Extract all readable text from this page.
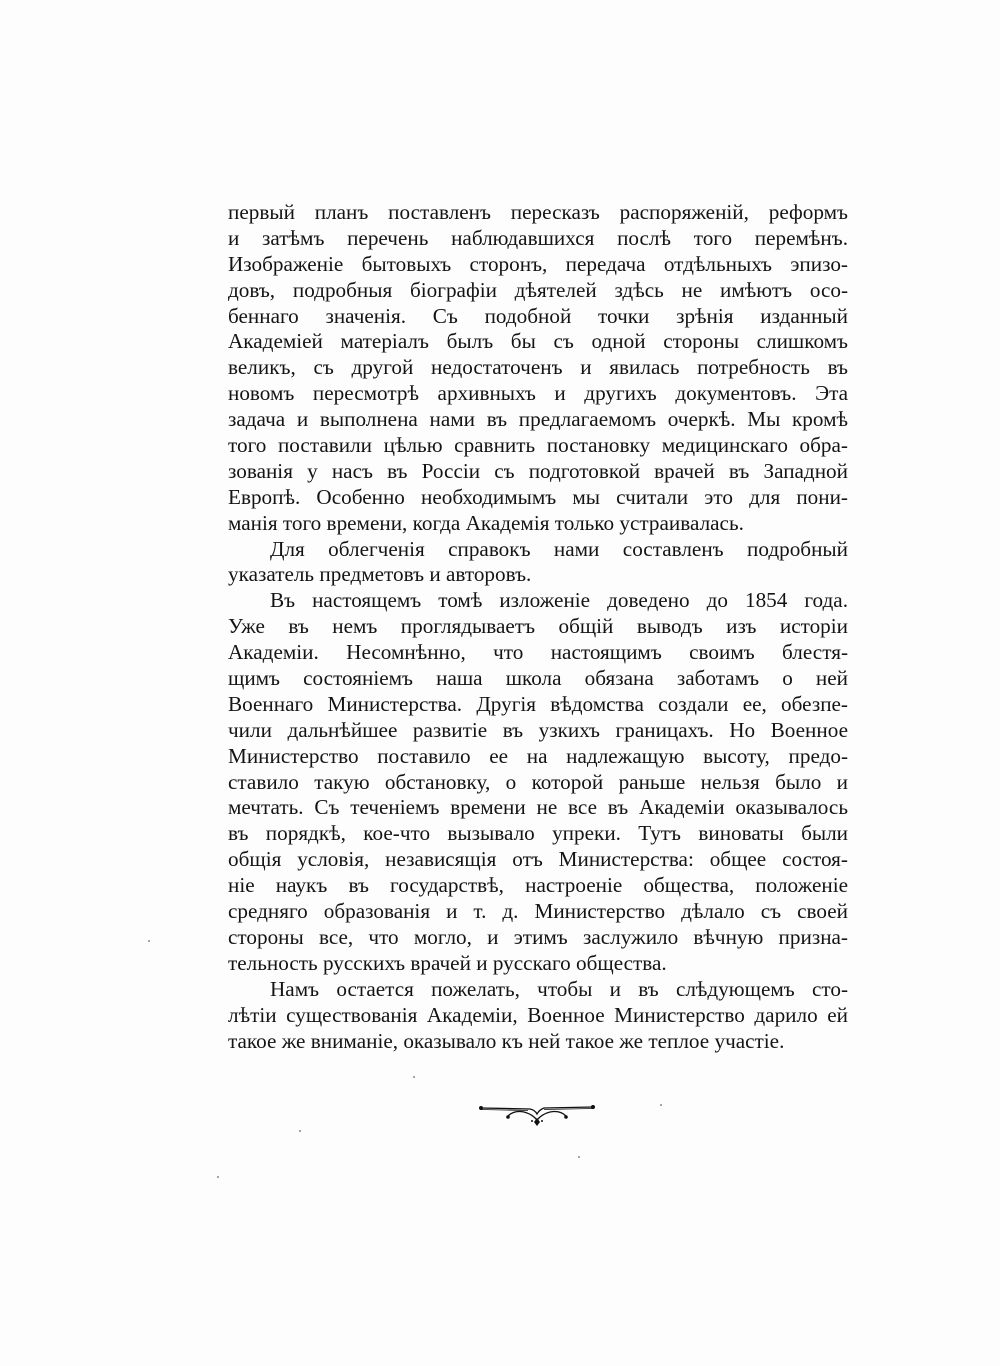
первый планъ поставленъ пересказъ распоряженій, реформъ
и затѣмъ перечень наблюдавшихся послѣ того перемѣнъ.
Изображеніе бытовыхъ сторонъ, передача отдѣльныхъ эпизо-
довъ, подробныя біографіи дѣятелей здѣсь не имѣютъ осо-
беннаго значенія. Съ подобной точки зрѣнія изданный
Академіей матеріалъ былъ бы съ одной стороны слишкомъ
великъ, съ другой недостаточенъ и явилась потребность въ
новомъ пересмотрѣ архивныхъ и другихъ документовъ. Эта
задача и выполнена нами въ предлагаемомъ очеркѣ. Мы кромѣ
того поставили цѣлью сравнить постановку медицинскаго обра-
зованія у насъ въ Россіи съ подготовкой врачей въ Западной
Европѣ. Особенно необходимымъ мы считали это для пони-
манія того времени, когда Академія только устраивалась.
Для облегченія справокъ нами составленъ подробный
указатель предметовъ и авторовъ.
Въ настоящемъ томѣ изложеніе доведено до 1854 года.
Уже въ немъ проглядываетъ общій выводъ изъ исторіи
Академіи. Несомнѣнно, что настоящимъ своимъ блестя-
щимъ состояніемъ наша школа обязана заботамъ о ней
Военнаго Министерства. Другія вѣдомства создали ее, обезпе-
чили дальнѣйшее развитіе въ узкихъ границахъ. Но Военное
Министерство поставило ее на надлежащую высоту, предо-
ставило такую обстановку, о которой раньше нельзя было и
мечтать. Съ теченіемъ времени не все въ Академіи оказывалось
въ порядкѣ, кое-что вызывало упреки. Тутъ виноваты были
общія условія, независящія отъ Министерства: общее состоя-
ніе наукъ въ государствѣ, настроеніе общества, положеніе
средняго образованія и т. д. Министерство дѣлало съ своей
стороны все, что могло, и этимъ заслужило вѣчную призна-
тельность русскихъ врачей и русскаго общества.
Намъ остается пожелать, чтобы и въ слѣдующемъ сто-
лѣтіи существованія Академіи, Военное Министерство дарило ей
такое же вниманіе, оказывало къ ней такое же теплое участіе.
